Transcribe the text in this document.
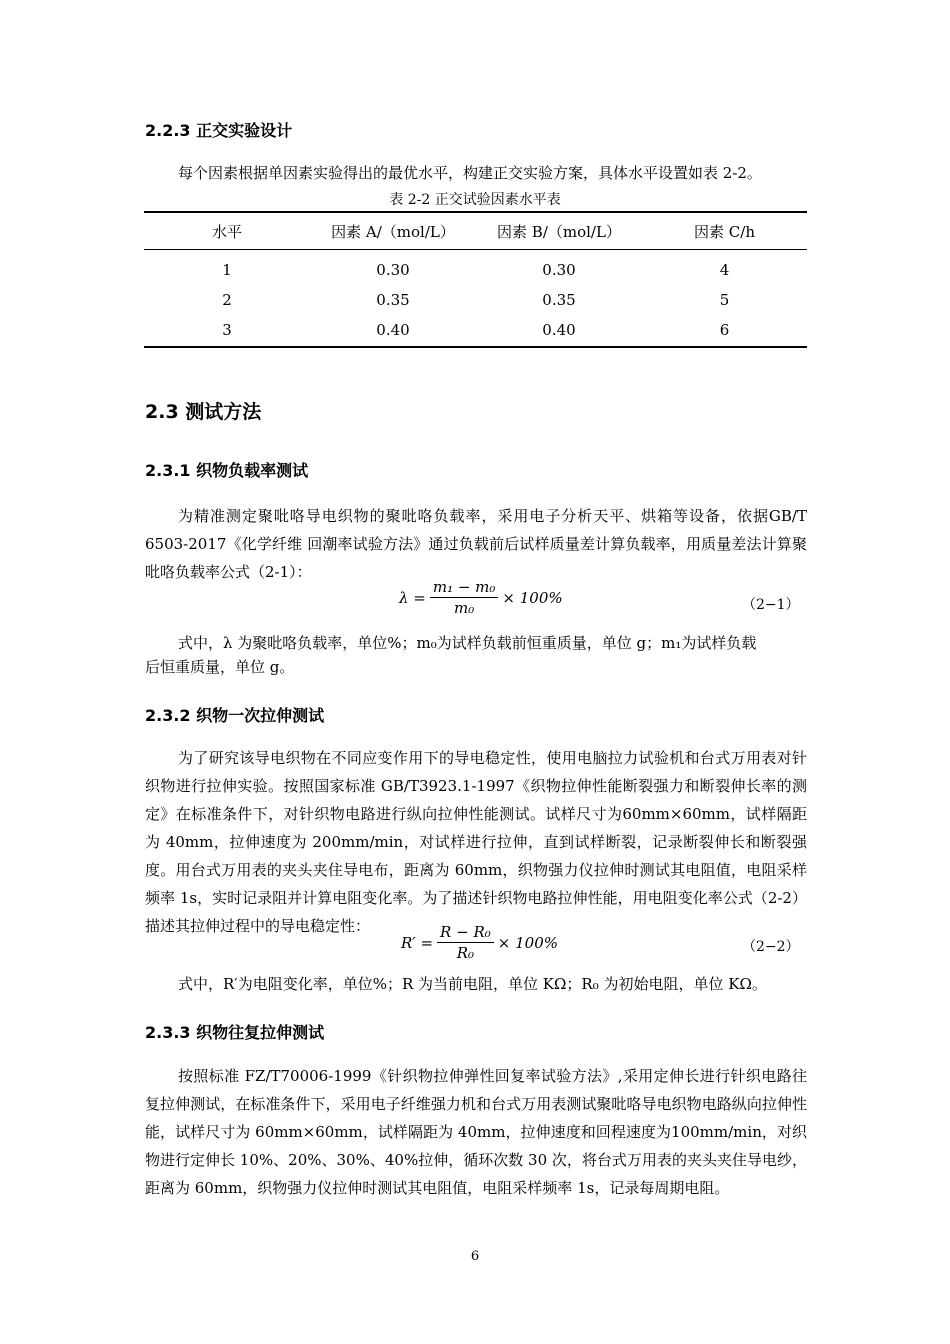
2.2.3 正交实验设计
每个因素根据单因素实验得出的最优水平，构建正交实验方案，具体水平设置如表 2-2。
表 2-2 正交试验因素水平表
水平	因素 A/（mol/L）	因素 B/（mol/L）	因素 C/h
1	0.30	0.30	4
2	0.35	0.35	5
3	0.40	0.40	6
2.3 测试方法
2.3.1 织物负载率测试
为精准测定聚吡咯导电织物的聚吡咯负载率，采用电子分析天平、烘箱等设备，依据GB/T 6503-2017《化学纤维 回潮率试验方法》通过负载前后试样质量差计算负载率，用质量差法计算聚吡咯负载率公式（2-1）：
$\lambda = \frac{\text{m₁ − m₀}}{\text{m₀}} \times 100\%$	（2−1）
式中，λ 为聚吡咯负载率，单位%；m₀为试样负载前恒重质量，单位 g；m₁为试样负载
后恒重质量，单位 g。
2.3.2 织物一次拉伸测试
为了研究该导电织物在不同应变作用下的导电稳定性，使用电脑拉力试验机和台式万用表对针织物进行拉伸实验。按照国家标准 GB/T3923.1-1997《织物拉伸性能断裂强力和断裂伸长率的测定》在标准条件下，对针织物电路进行纵向拉伸性能测试。试样尺寸为60mm×60mm，试样隔距为 40mm，拉伸速度为 200mm/min，对试样进行拉伸，直到试样断裂，记录断裂伸长和断裂强度。用台式万用表的夹头夹住导电布，距离为 60mm，织物强力仪拉伸时测试其电阻值，电阻采样频率 1s，实时记录阻并计算电阻变化率。为了描述针织物电路拉伸性能，用电阻变化率公式（2-2）描述其拉伸过程中的导电稳定性：
$R' = \frac{\text{R − R₀}}{\text{R₀}} \times 100\%$	（2−2）
式中，R′为电阻变化率，单位%；R 为当前电阻，单位 KΩ；R₀ 为初始电阻，单位 KΩ。
2.3.3 织物往复拉伸测试
按照标准 FZ/T70006-1999《针织物拉伸弹性回复率试验方法》,采用定伸长进行针织电路往复拉伸测试，在标准条件下，采用电子纤维强力机和台式万用表测试聚吡咯导电织物电路纵向拉伸性能，试样尺寸为 60mm×60mm，试样隔距为 40mm，拉伸速度和回程速度为100mm/min，对织物进行定伸长 10%、20%、30%、40%拉伸，循环次数 30 次，将台式万用表的夹头夹住导电纱，距离为 60mm，织物强力仪拉伸时测试其电阻值，电阻采样频率 1s，记录每周期电阻。
6
